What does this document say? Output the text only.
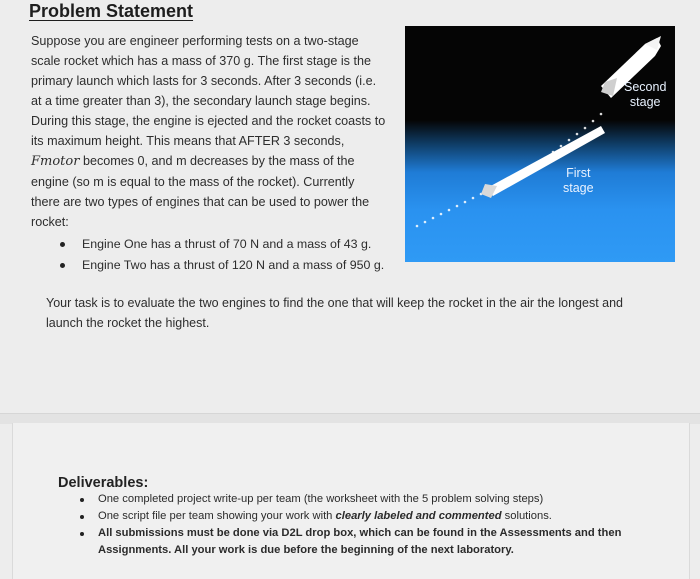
Problem Statement

Suppose you are engineer performing tests on a two-stage

scale rocket which has a mass of 370 g. The first stage is the

primary launch which lasts for 3 seconds. After 3 seconds (i.e.

at a time greater than 3), the secondary launch stage begins.

During this stage, the engine is ejected and the rocket coasts to

its maximum height. This means that AFTER 3 seconds,

Fmotor becomes 0, and m decreases by the mass of the

engine (so m is equal to the mass of the rocket). Currently

there are two types of engines that can be used to power the

rocket:

Engine One has a thrust of 70 N and a mass of 43 g.
Engine Two has a thrust of 120 N and a mass of 950 g.
Second
stage
First
stage
Your task is to evaluate the two engines to find the one that will keep the rocket in the air the longest and
launch the rocket the highest.
Deliverables:
One completed project write-up per team (the worksheet with the 5 problem solving steps)
One script file per team showing your work with clearly labeled and commented solutions.
All submissions must be done via D2L drop box, which can be found in the Assessments and then Assignments. All your work is due before the beginning of the next laboratory.
